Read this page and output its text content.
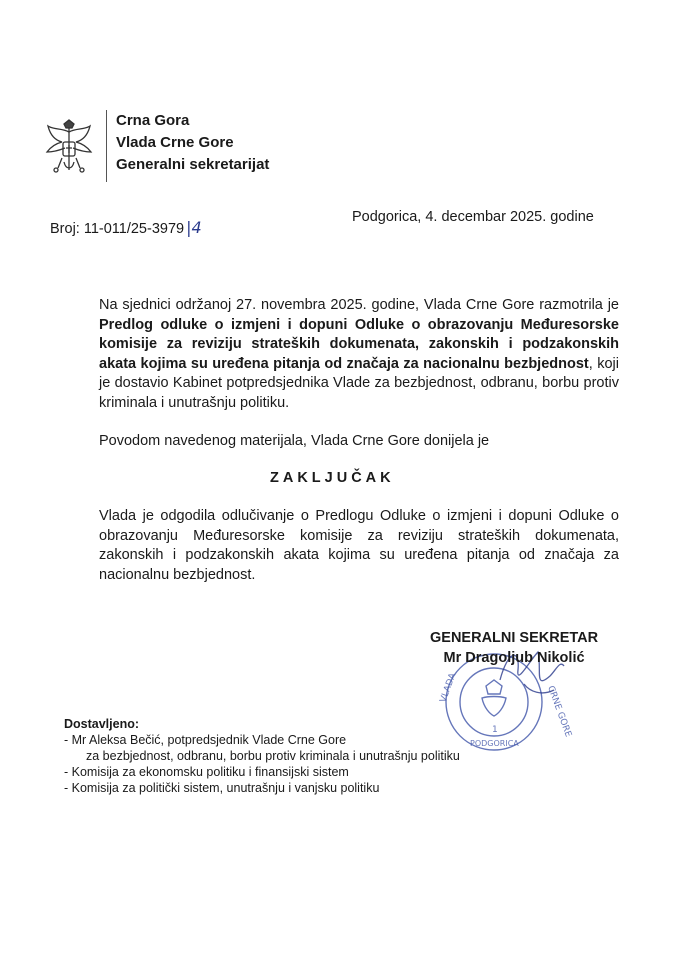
Crna Gora
Vlada Crne Gore
Generalni sekretarijat
Broj: 11-011/25-3979 |4
Podgorica, 4. decembar 2025. godine
Na sjednici održanoj 27. novembra 2025. godine, Vlada Crne Gore razmotrila je Predlog odluke o izmjeni i dopuni Odluke o obrazovanju Međuresorske komisije za reviziju strateških dokumenata, zakonskih i podzakonskih akata kojima su uređena pitanja od značaja za nacionalnu bezbjednost, koji je dostavio Kabinet potpredsjednika Vlade za bezbjednost, odbranu, borbu protiv kriminala i unutrašnju politiku.
Povodom navedenog materijala, Vlada Crne Gore donijela je
ZAKLJUČAK
Vlada je odgodila odlučivanje o Predlogu Odluke o izmjeni i dopuni Odluke o obrazovanju Međuresorske komisije za reviziju strateških dokumenata, zakonskih i podzakonskih akata kojima su uređena pitanja od značaja za nacionalnu bezbjednost.
VLADA	CRNE GORE
1
PODGORICA
GENERALNI SEKRETAR
Mr Dragoljub Nikolić
Dostavljeno:
- Mr Aleksa Bečić, potpredsjednik Vlade Crne Gore
za bezbjednost, odbranu, borbu protiv kriminala i unutrašnju politiku
- Komisija za ekonomsku politiku i finansijski sistem
- Komisija za politički sistem, unutrašnju i vanjsku politiku
